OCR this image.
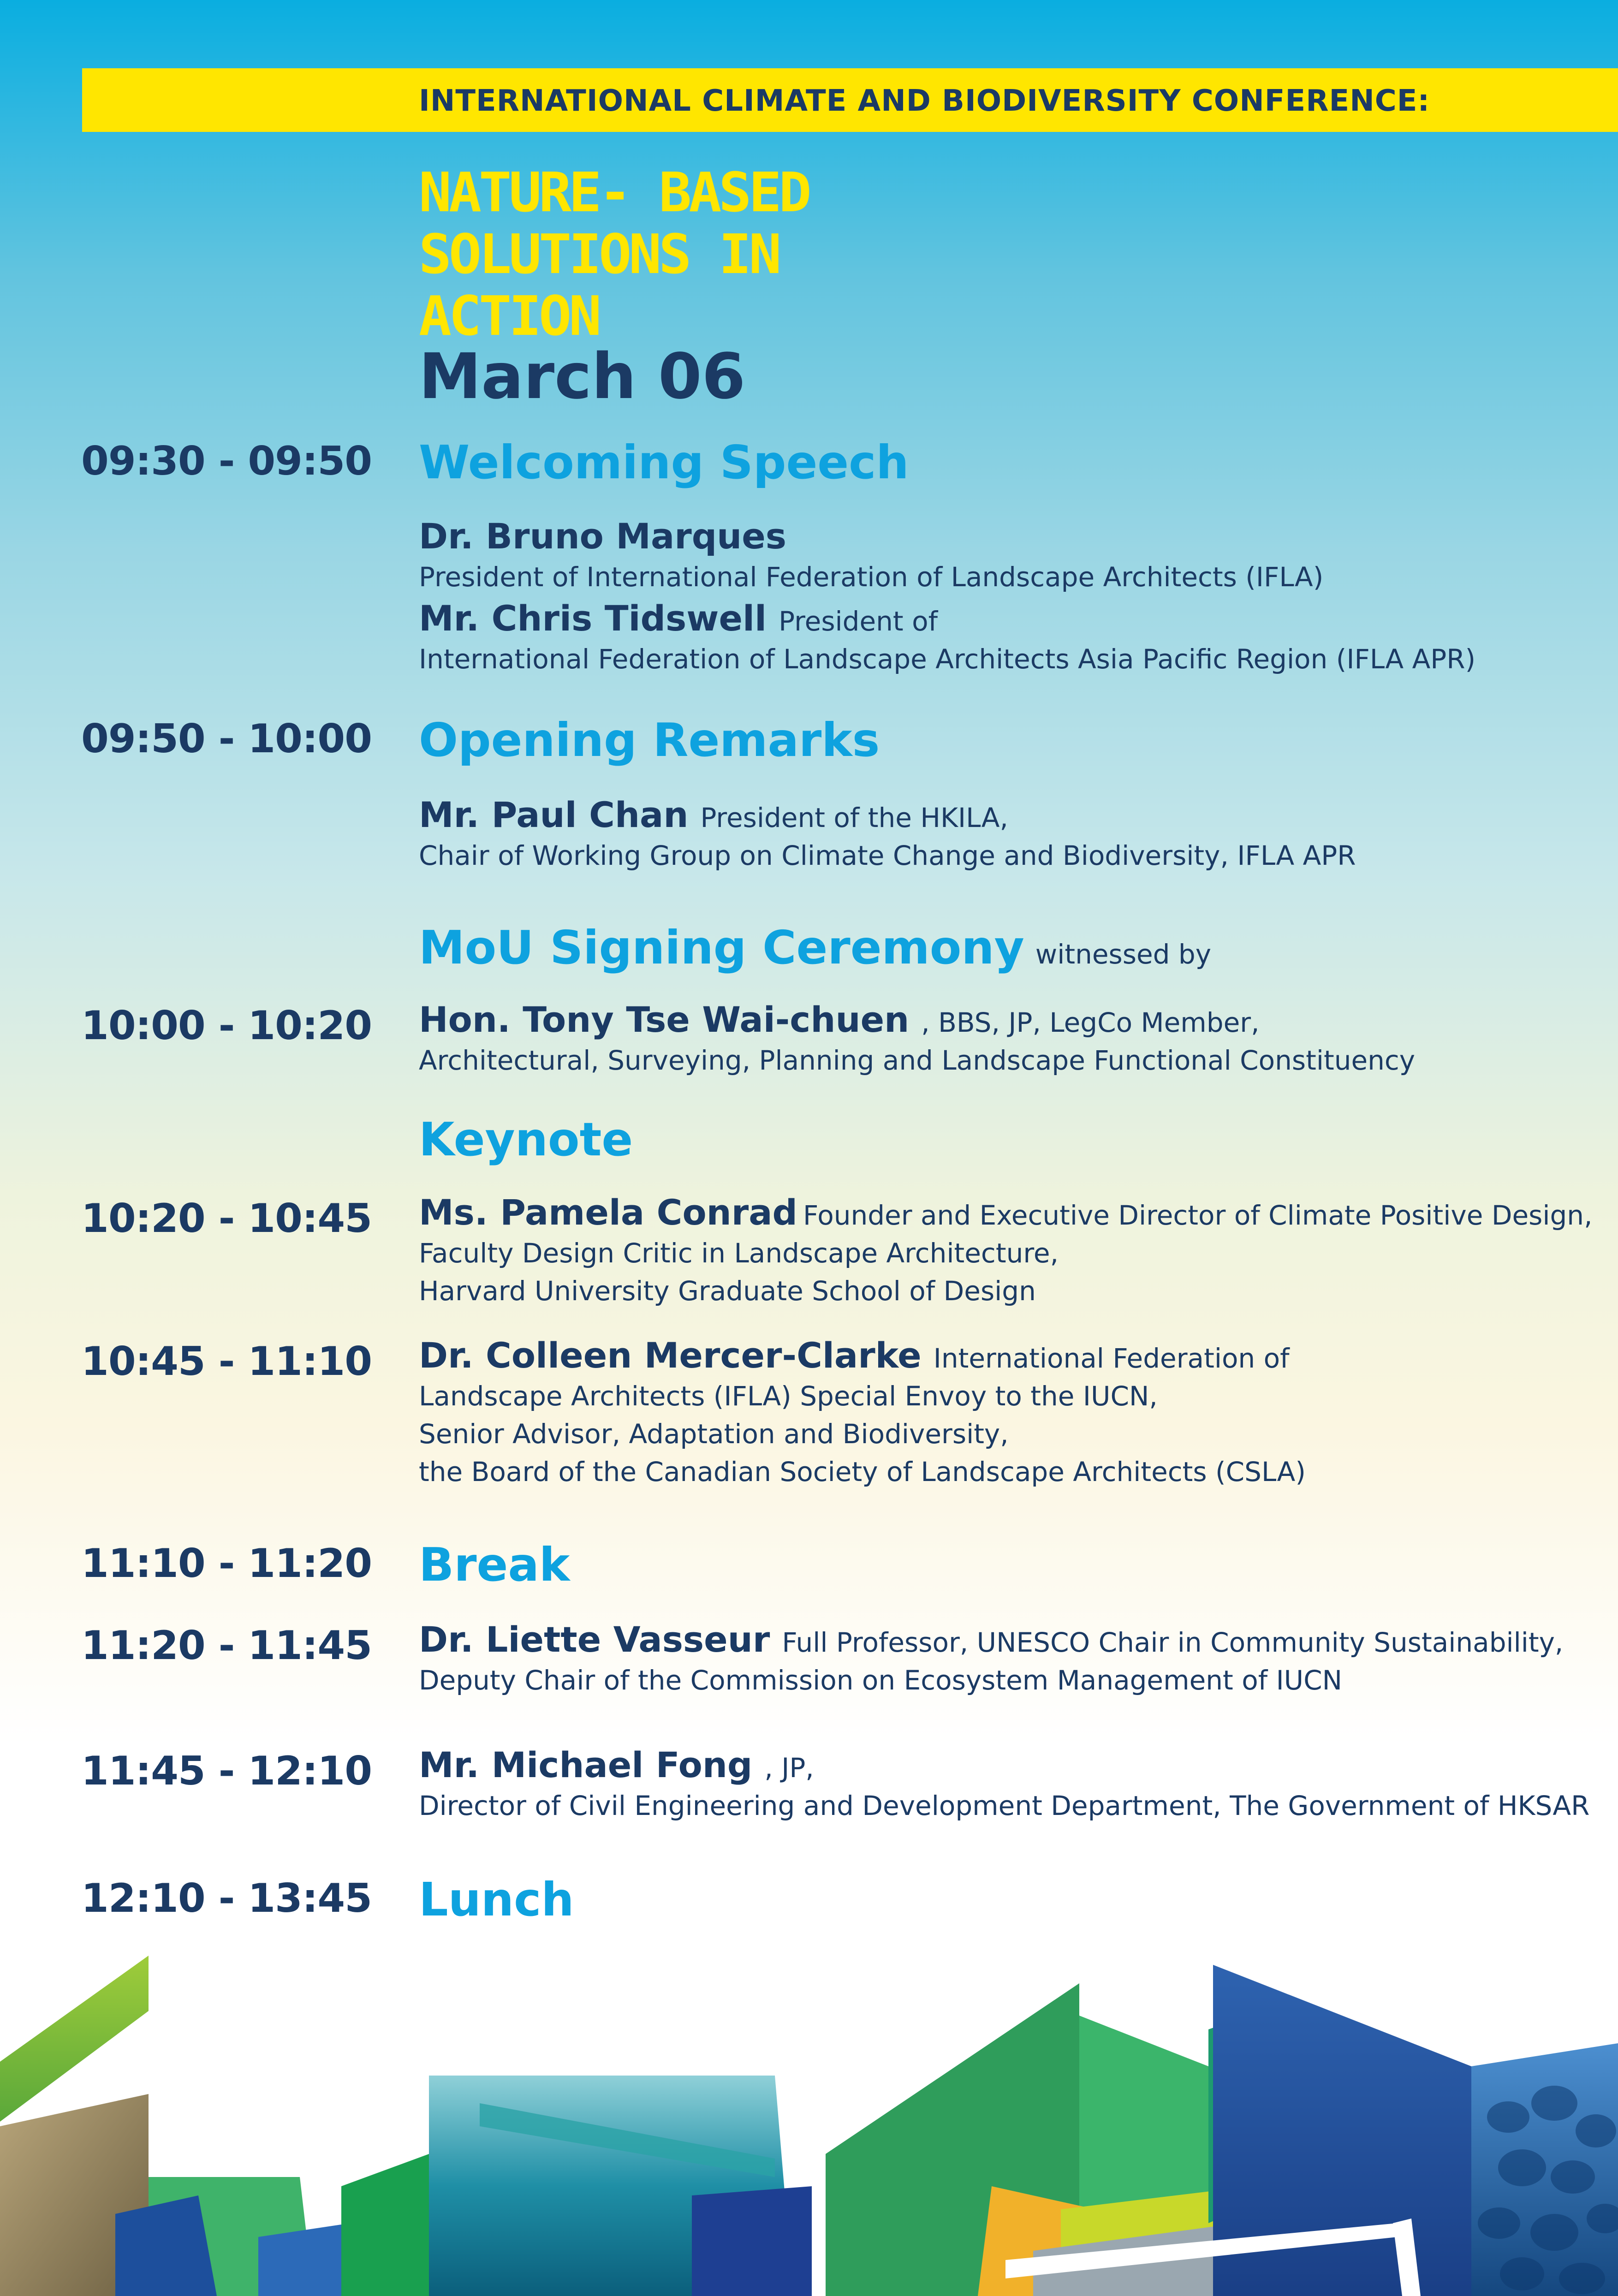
INTERNATIONAL CLIMATE AND BIODIVERSITY CONFERENCE:
NATURE- BASED
SOLUTIONS IN
ACTION
March 06
09:30 - 09:50 Welcoming Speech
Dr. Bruno Marques
President of International Federation of Landscape Architects (IFLA)
Mr. Chris Tidswell President of
International Federation of Landscape Architects Asia Pacific Region (IFLA APR)
09:50 - 10:00 Opening Remarks
Mr. Paul Chan President of the HKILA,
Chair of Working Group on Climate Change and Biodiversity, IFLA APR
MoU Signing Ceremony witnessed by
10:00 - 10:20 Hon. Tony Tse Wai-chuen , BBS, JP, LegCo Member,
Architectural, Surveying, Planning and Landscape Functional Constituency
Keynote
10:20 - 10:45 Ms. Pamela Conrad Founder and Executive Director of Climate Positive Design,
Faculty Design Critic in Landscape Architecture,
Harvard University Graduate School of Design
10:45 - 11:10 Dr. Colleen Mercer-Clarke International Federation of
Landscape Architects (IFLA) Special Envoy to the IUCN,
Senior Advisor, Adaptation and Biodiversity,
the Board of the Canadian Society of Landscape Architects (CSLA)
11:10 - 11:20 Break
11:20 - 11:45 Dr. Liette Vasseur Full Professor, UNESCO Chair in Community Sustainability,
Deputy Chair of the Commission on Ecosystem Management of IUCN
11:45 - 12:10 Mr. Michael Fong , JP,
Director of Civil Engineering and Development Department, The Government of HKSAR
12:10 - 13:45 Lunch
